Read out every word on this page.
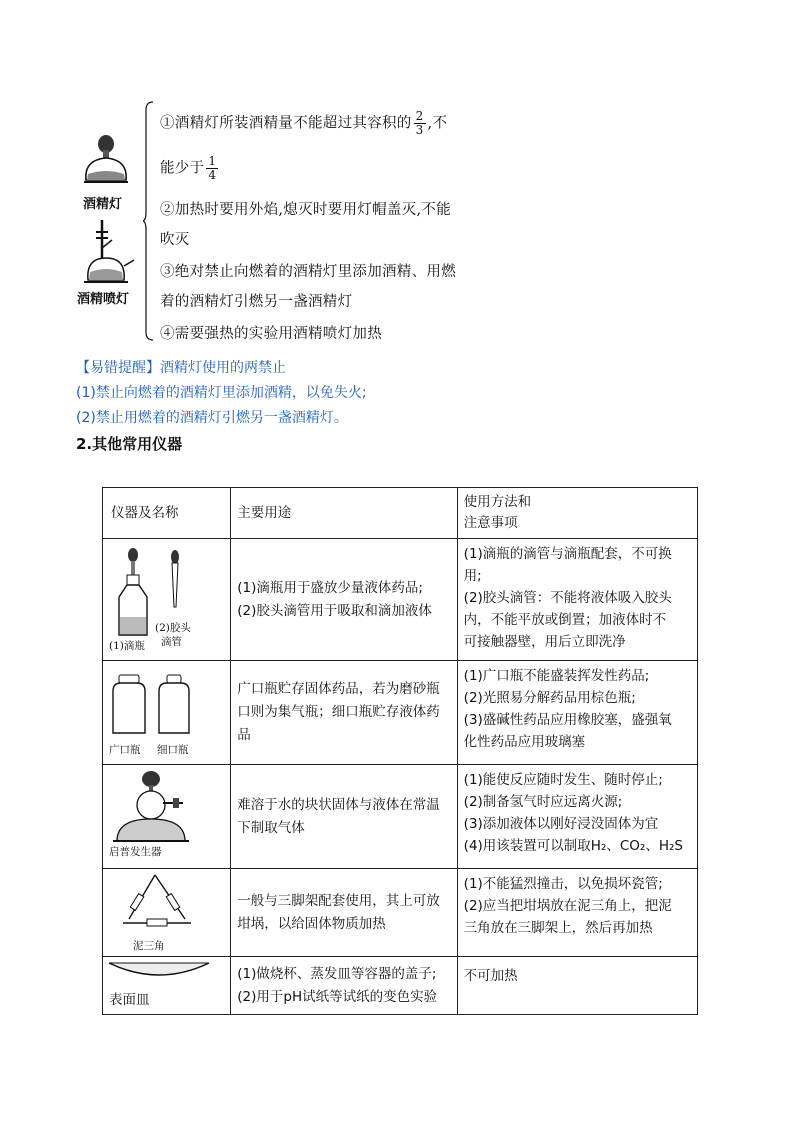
酒精灯
酒精喷灯
①酒精灯所装酒精量不能超过其容积的 $\frac{2}{3}$ ,不
能少于 $\frac{1}{4}$
②加热时要用外焰,熄灭时要用灯帽盖灭,不能
吹灭
③绝对禁止向燃着的酒精灯里添加酒精、用燃
着的酒精灯引燃另一盏酒精灯
④需要强热的实验用酒精喷灯加热
【易错提醒】酒精灯使用的两禁止
(1)禁止向燃着的酒精灯里添加酒精，以免失火;
(2)禁止用燃着的酒精灯引燃另一盏酒精灯。
2.其他常用仪器
仪器及名称	主要用途	使用方法和
注意事项

(1)滴瓶
(2)胶头
滴管	(1)滴瓶用于盛放少量液体药品;
(2)胶头滴管用于吸取和滴加液体	(1)滴瓶的滴管与滴瓶配套，不可换
用;
(2)胶头滴管：不能将液体吸入胶头
内，不能平放或倒置；加液体时不
可接触器壁，用后立即洗净

广口瓶 细口瓶	广口瓶贮存固体药品，若为磨砂瓶
口则为集气瓶；细口瓶贮存液体药
品	(1)广口瓶不能盛装挥发性药品;
(2)光照易分解药品用棕色瓶;
(3)盛碱性药品应用橡胶塞，盛强氧
化性药品应用玻璃塞

启普发生器	难溶于水的块状固体与液体在常温
下制取气体	(1)能使反应随时发生、随时停止;
(2)制备氢气时应远离火源;
(3)添加液体以刚好浸没固体为宜
(4)用该装置可以制取H₂、CO₂、H₂S

泥三角	一般与三脚架配套使用，其上可放
坩埚，以给固体物质加热	(1)不能猛烈撞击，以免损坏瓷管;
(2)应当把坩埚放在泥三角上，把泥
三角放在三脚架上，然后再加热

表面皿	(1)做烧杯、蒸发皿等容器的盖子;
(2)用于pH试纸等试纸的变色实验	不可加热
